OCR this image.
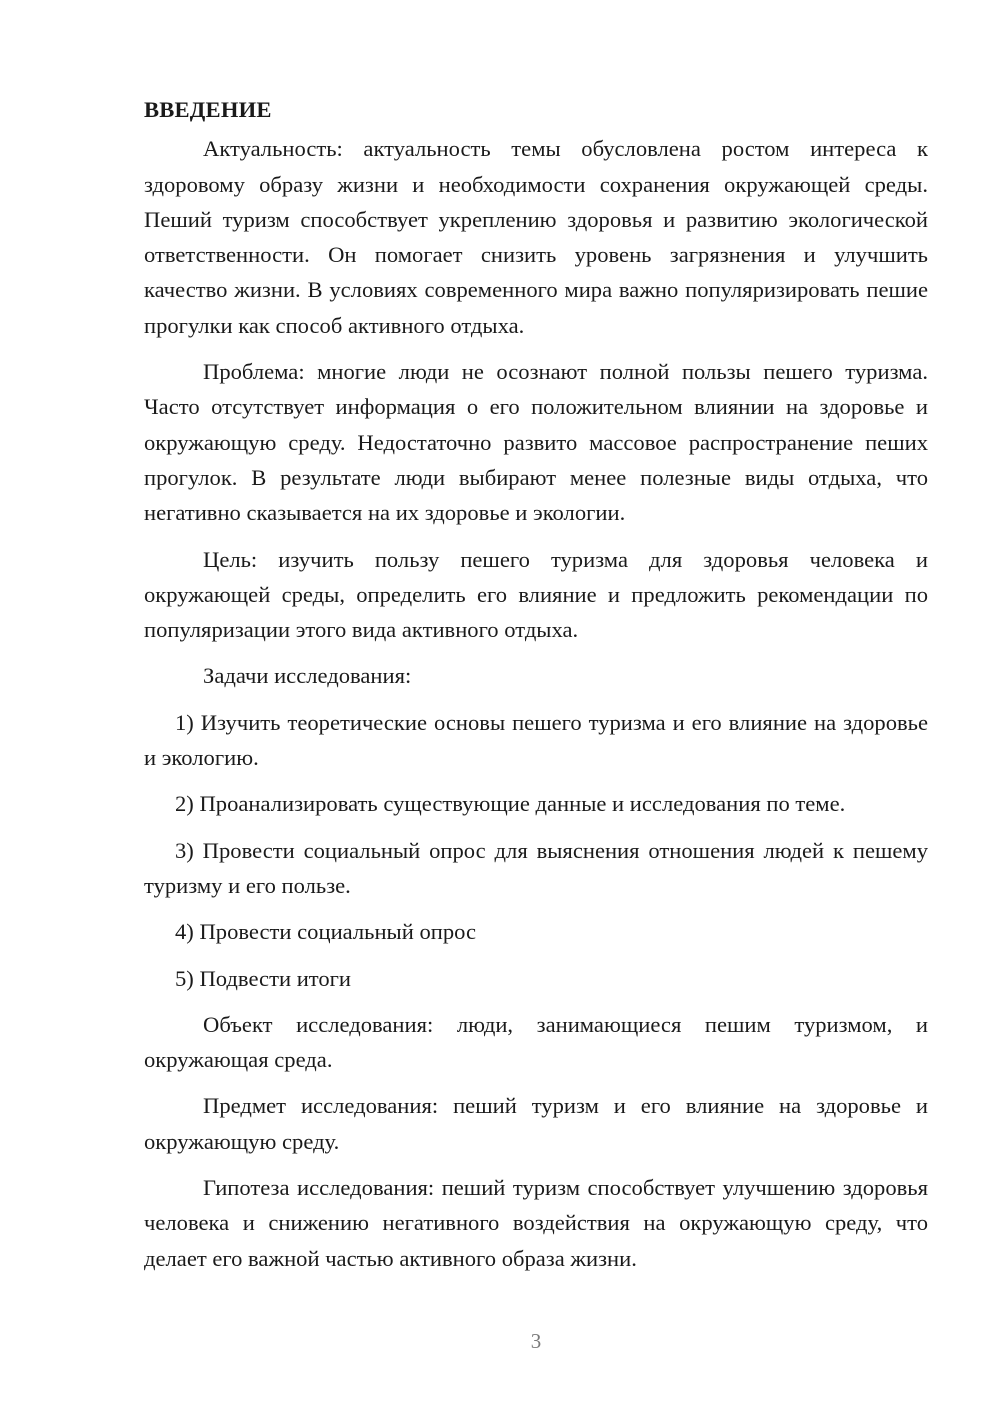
ВВЕДЕНИЕ

Актуальность: актуальность темы обусловлена ростом интереса к здоровому образу жизни и необходимости сохранения окружающей среды. Пеший туризм способствует укреплению здоровья и развитию экологической ответственности. Он помогает снизить уровень загрязнения и улучшить качество жизни. В условиях современного мира важно популяризировать пешие прогулки как способ активного отдыха.

Проблема: многие люди не осознают полной пользы пешего туризма. Часто отсутствует информация о его положительном влиянии на здоровье и окружающую среду. Недостаточно развито массовое распространение пеших прогулок. В результате люди выбирают менее полезные виды отдыха, что негативно сказывается на их здоровье и экологии.

Цель: изучить пользу пешего туризма для здоровья человека и окружающей среды, определить его влияние и предложить рекомендации по популяризации этого вида активного отдыха.

Задачи исследования:

1) Изучить теоретические основы пешего туризма и его влияние на здоровье и экологию.

2) Проанализировать существующие данные и исследования по теме.

3) Провести социальный опрос для выяснения отношения людей к пешему туризму и его пользе.

4) Провести социальный опрос

5) Подвести итоги

Объект исследования: люди, занимающиеся пешим туризмом, и окружающая среда.

Предмет исследования: пеший туризм и его влияние на здоровье и окружающую среду.

Гипотеза исследования: пеший туризм способствует улучшению здоровья человека и снижению негативного воздействия на окружающую среду, что делает его важной частью активного образа жизни.

3
